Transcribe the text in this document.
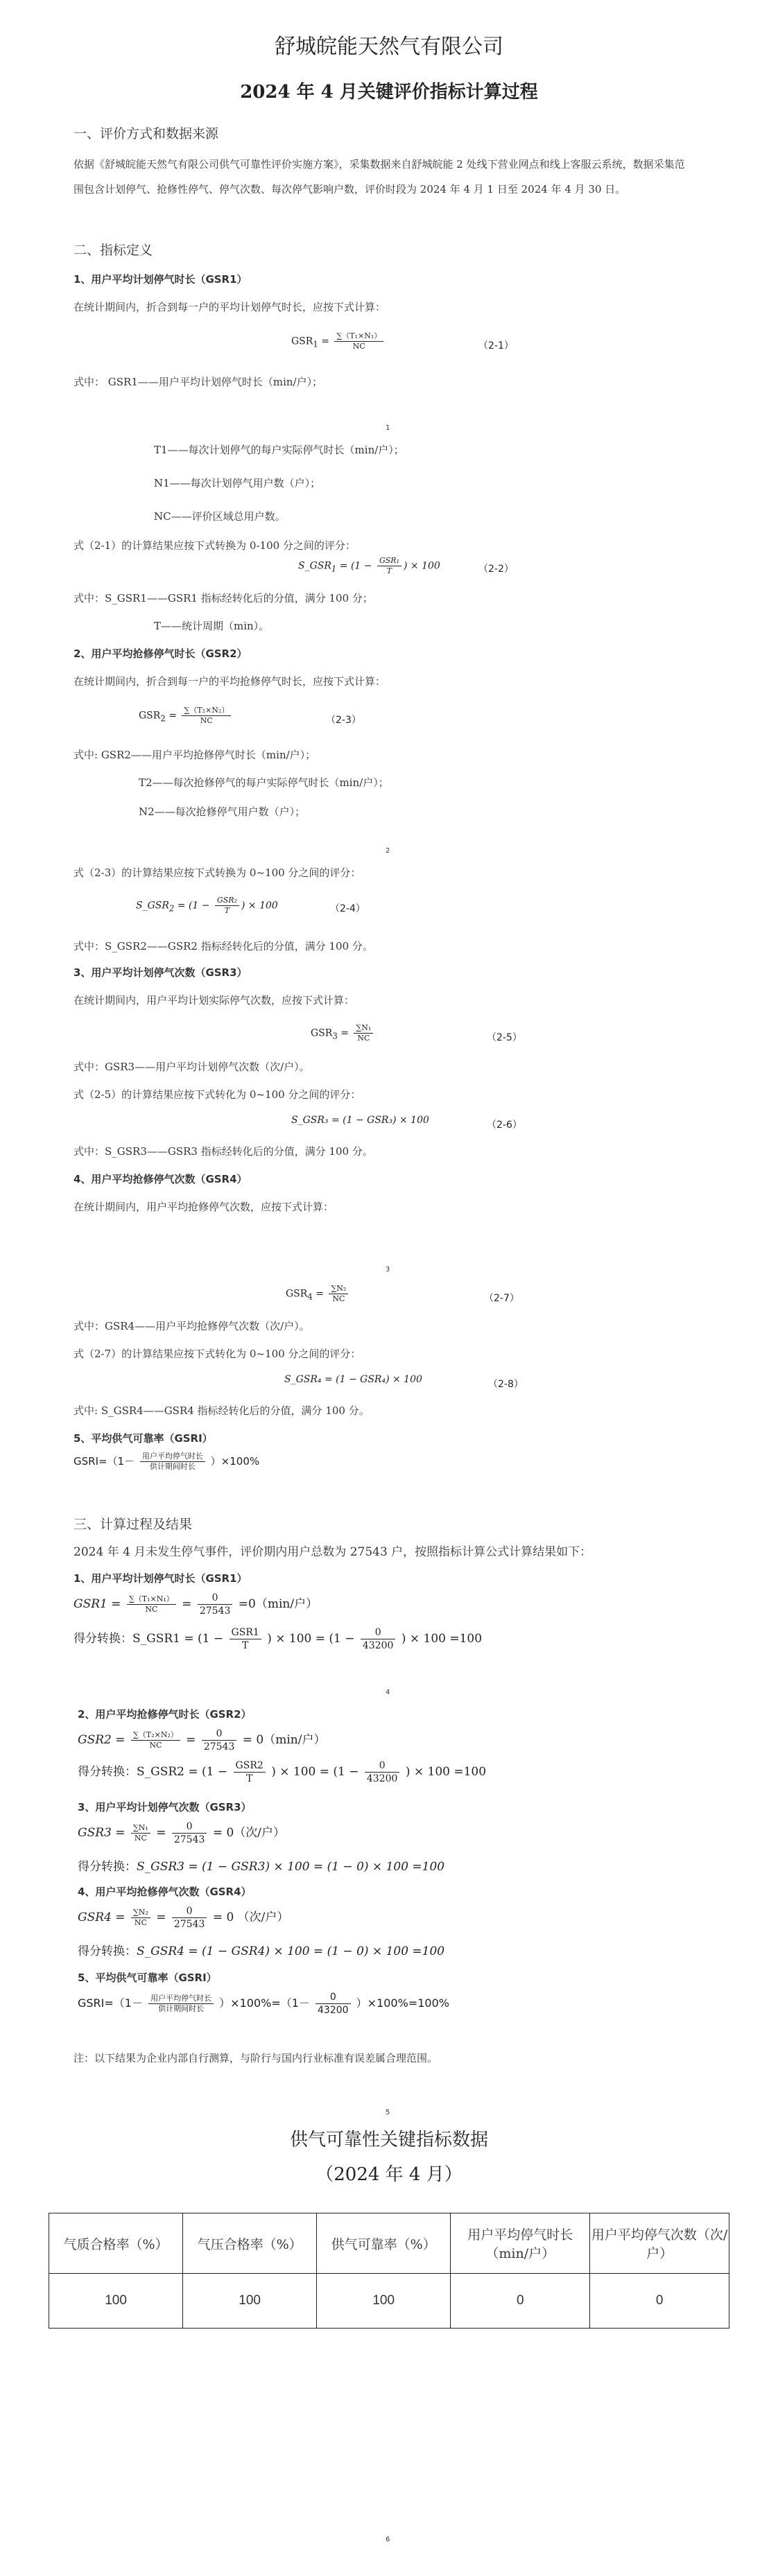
舒城皖能天然气有限公司
2024 年 4 月关键评价指标计算过程
一、评价方式和数据来源
依据《舒城皖能天然气有限公司供气可靠性评价实施方案》，采集数据来自舒城皖能 2 处线下营业网点和线上客服云系统，数据采集范
围包含计划停气、抢修性停气、停气次数、每次停气影响户数，评价时段为 2024 年 4 月 1 日至 2024 年 4 月 30 日。
二、指标定义
1、用户平均计划停气时长（GSR1）
在统计期间内，折合到每一户的平均计划停气时长，应按下式计算：
$GSR_1 = \frac{\text{∑（T₁×N₁）}}{NC}$	（2-1）
式中： GSR1——用户平均计划停气时长（min/户）；
1
T1——每次计划停气的每户实际停气时长（min/户）；
N1——每次计划停气用户数（户）；
NC——评价区域总用户数。
式（2-1）的计算结果应按下式转换为 0-100 分之间的评分：
$S\_GSR_1 = (1 - \frac{\text{GSR₁}}{T}$ ) × 100	（2-2）
式中：S_GSR1——GSR1 指标经转化后的分值，满分 100 分；
T——统计周期（min）。
2、用户平均抢修停气时长（GSR2）
在统计期间内，折合到每一户的平均抢修停气时长，应按下式计算：
$GSR_2 = \frac{\text{∑（T₂×N₂）}}{NC}$	（2-3）
式中: GSR2——用户平均抢修停气时长（min/户）；
T2——每次抢修停气的每户实际停气时长（min/户）；
N2——每次抢修停气用户数（户）；
2
式（2-3）的计算结果应按下式转换为 0~100 分之间的评分：
$S\_GSR_2 = (1 - \frac{\text{GSR₂}}{T}$ ) × 100	（2-4）
式中：S_GSR2——GSR2 指标经转化后的分值，满分 100 分。
3、用户平均计划停气次数（GSR3）
在统计期间内，用户平均计划实际停气次数，应按下式计算：
$GSR_3 = \frac{\text{∑N₁}}{NC}$	（2-5）
式中：GSR3——用户平均计划停气次数（次/户）。
式（2-5）的计算结果应按下式转化为 0~100 分之间的评分：
S_GSR₃ = (1 − GSR₃) × 100	（2-6）
式中：S_GSR3——GSR3 指标经转化后的分值，满分 100 分。
4、用户平均抢修停气次数（GSR4）
在统计期间内，用户平均抢修停气次数，应按下式计算：
3
$GSR_4 = \frac{\text{∑N₂}}{NC}$	（2-7）
式中：GSR4——用户平均抢修停气次数（次/户）。
式（2-7）的计算结果应按下式转化为 0~100 分之间的评分：
S_GSR₄ = (1 − GSR₄) × 100	（2-8）
式中: S_GSR4——GSR4 指标经转化后的分值，满分 100 分。
5、平均供气可靠率（GSRI）
GSRI=（1－ $\frac{\text{用户平均停气时长}}{\text{供计期间时长}} )\times 100\%$
三、计算过程及结果
2024 年 4 月未发生停气事件，评价期内用户总数为 27543 户，按照指标计算公式计算结果如下：
1、用户平均计划停气时长（GSR1）
$GSR1 = \frac{\text{∑（T₁×N₁）}}{NC} = \frac{0}{27543} =0(\min/$户）
得分转换：S_GSR1 = ($1 - \frac{\text{GSR1}}{T}$ ) × $100 = (1 - \frac{0}{43200}$ ) × 100 =100
4
2、用户平均抢修停气时长（GSR2）
$GSR2 = \frac{\text{∑（T₂×N₂）}}{NC} = \frac{0}{27543} = 0(\min/$户）
得分转换：S_GSR2 = ($1 - \frac{\text{GSR2}}{T}$ ) × $100 = (1 - \frac{0}{43200}$ ) × 100 =100
3、用户平均计划停气次数（GSR3）
$GSR3 = \frac{\text{∑N₁}}{NC} = \frac{0}{27543} = 0$（次/户）
得分转换：S_GSR3 = (1 − GSR3) × 100 = (1 − 0) × 100 =100
4、用户平均抢修停气次数（GSR4）
$GSR4 = \frac{\text{∑N₂}}{NC} = \frac{0}{27543} = 0$ （次/户）
得分转换：S_GSR4 = (1 − GSR4) × 100 = (1 − 0) × 100 =100
5、平均供气可靠率（GSRI）
GSRI=（1－ $\frac{\text{用户平均停气时长}}{\text{供计期间时长}} )\times 100\%=(1- \frac{0}{43200} )\times 100\%=100\%$
注：以下结果为企业内部自行测算，与阶行与国内行业标准有误差属合理范围。
5
供气可靠性关键指标数据
（2024 年 4 月）
气质合格率（%）	气压合格率（%）	供气可靠率（%）	用户平均停气时长（min/户）	用户平均停气次数（次/户）
100	100	100	0	0
6
